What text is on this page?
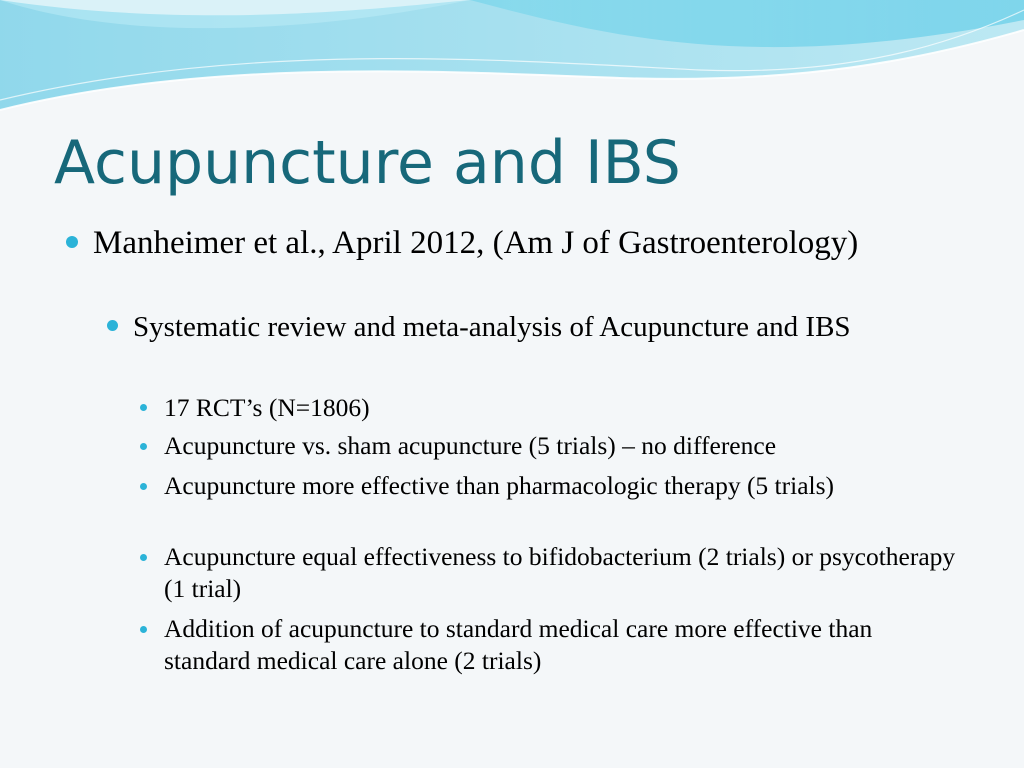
Acupuncture and IBS
Manheimer et al., April 2012, (Am J of Gastroenterology)
Systematic review and meta-analysis of Acupuncture and IBS
17 RCT’s (N=1806)
Acupuncture vs. sham acupuncture (5 trials) – no difference
Acupuncture more effective than pharmacologic therapy (5 trials)
Acupuncture equal effectiveness to bifidobacterium (2 trials) or psycotherapy (1 trial)
Addition of acupuncture to standard medical care more effective than standard medical care alone (2 trials)
